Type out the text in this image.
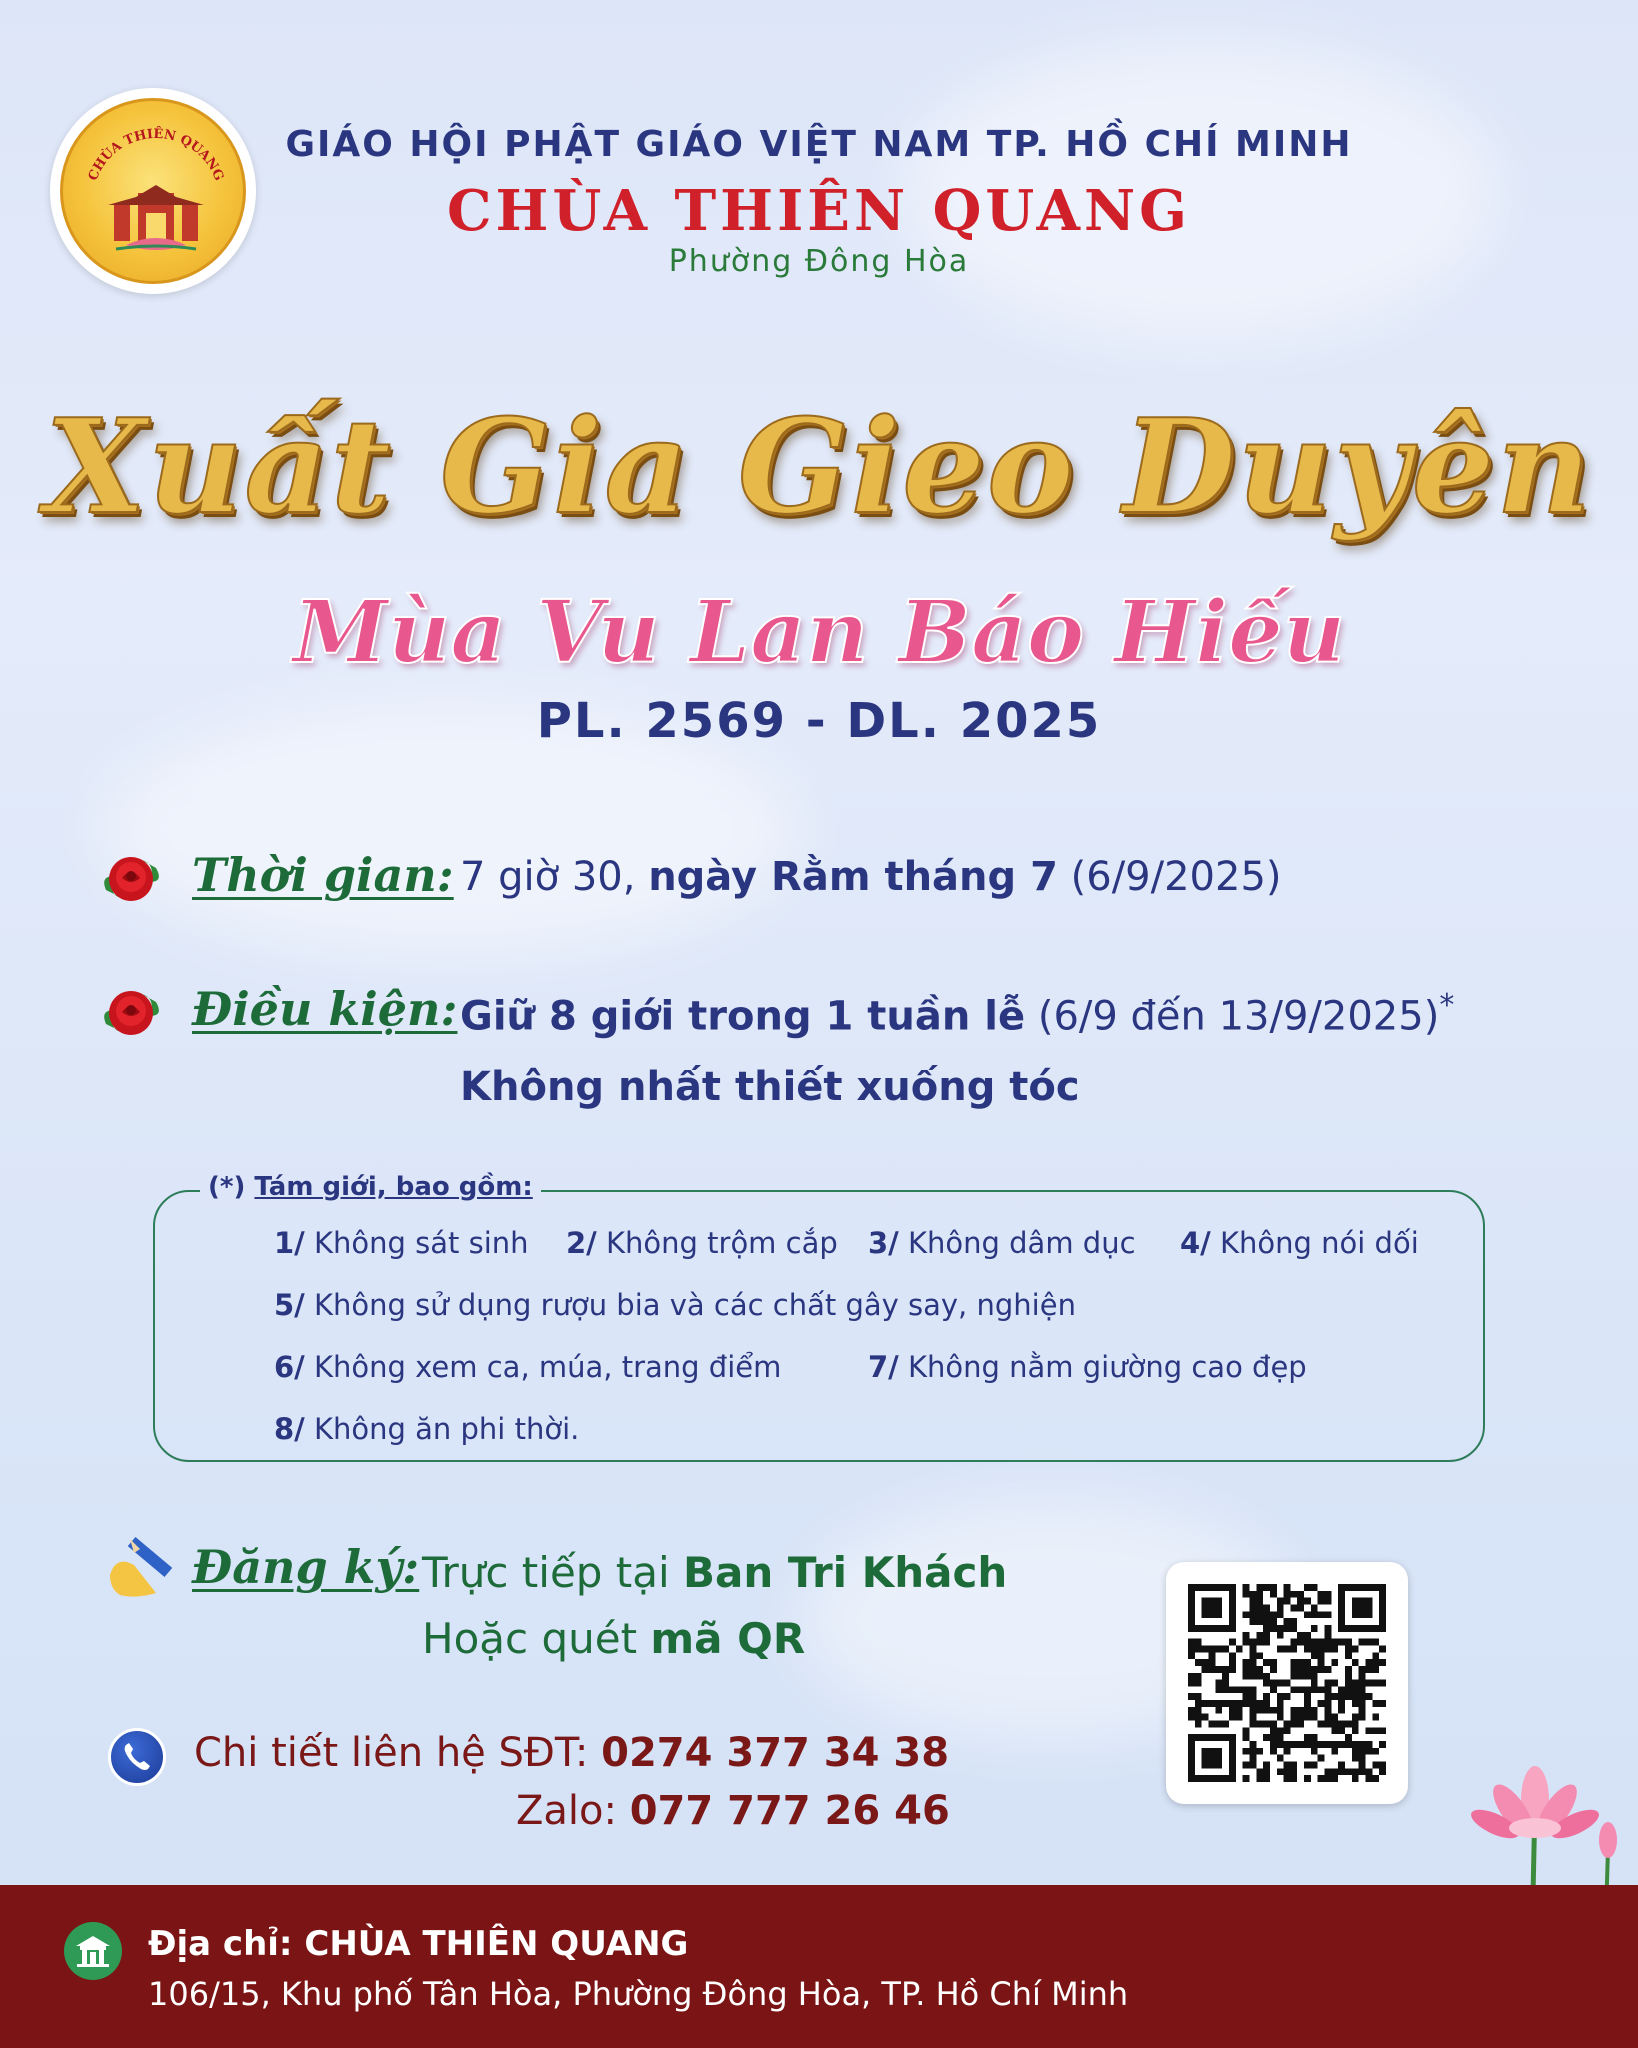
CHÙA THIÊN QUANG
GIÁO HỘI PHẬT GIÁO VIỆT NAM TP. HỒ CHÍ MINH
CHÙA THIÊN QUANG
Phường Đông Hòa
Xuất Gia Gieo Duyên
Mùa Vu Lan Báo Hiếu
PL. 2569 - DL. 2025
Thời gian: 7 giờ 30, ngày Rằm tháng 7 (6/9/2025)
Điều kiện: Giữ 8 giới trong 1 tuần lễ (6/9 đến 13/9/2025)*
Không nhất thiết xuống tóc
(*) Tám giới, bao gồm:
1/ Không sát sinh 2/ Không trộm cắp 3/ Không dâm dục 4/ Không nói dối
5/ Không sử dụng rượu bia và các chất gây say, nghiện
6/ Không xem ca, múa, trang điểm	7/ Không nằm giường cao đẹp
8/ Không ăn phi thời.
Đăng ký: Trực tiếp tại Ban Tri Khách
Hoặc quét mã QR
Chi tiết liên hệ SĐT: 0274 377 34 38
Zalo: 077 777 26 46
Địa chỉ: CHÙA THIÊN QUANG
106/15, Khu phố Tân Hòa, Phường Đông Hòa, TP. Hồ Chí Minh
